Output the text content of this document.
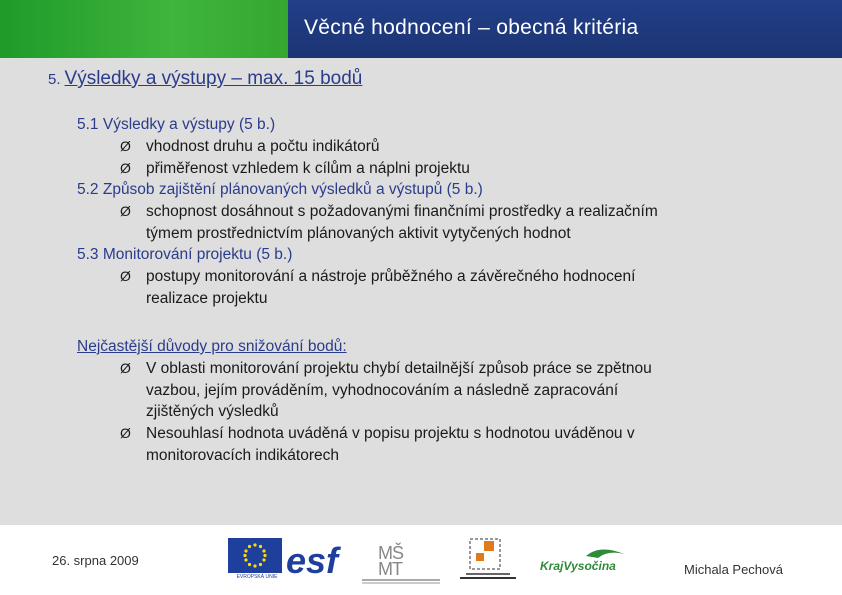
Věcné hodnocení – obecná kritéria
5. Výsledky a výstupy – max. 15 bodů
5.1 Výsledky a výstupy (5 b.)
Ø vhodnost druhu a počtu indikátorů
Ø přiměřenost vzhledem k cílům a náplni projektu
5.2 Způsob zajištění plánovaných výsledků a výstupů (5 b.)
Ø schopnost dosáhnout s požadovanými finančními prostředky a realizačním
týmem prostřednictvím plánovaných aktivit vytyčených hodnot
5.3 Monitorování projektu (5 b.)
Ø postupy monitorování a nástroje průběžného a závěrečného hodnocení
realizace projektu
Nejčastější důvody pro snižování bodů:
Ø V oblasti monitorování projektu chybí detailnější způsob práce se zpětnou
vazbou, jejím prováděním, vyhodnocováním a následně zapracování
zjištěných výsledků
Ø Nesouhlasí hodnota uváděná v popisu projektu s hodnotou uváděnou v
monitorovacích indikátorech
26. srpna 2009
EVROPSKÁ UNIE esf M Š
M T	KrajVysočina	Michala Pechová
